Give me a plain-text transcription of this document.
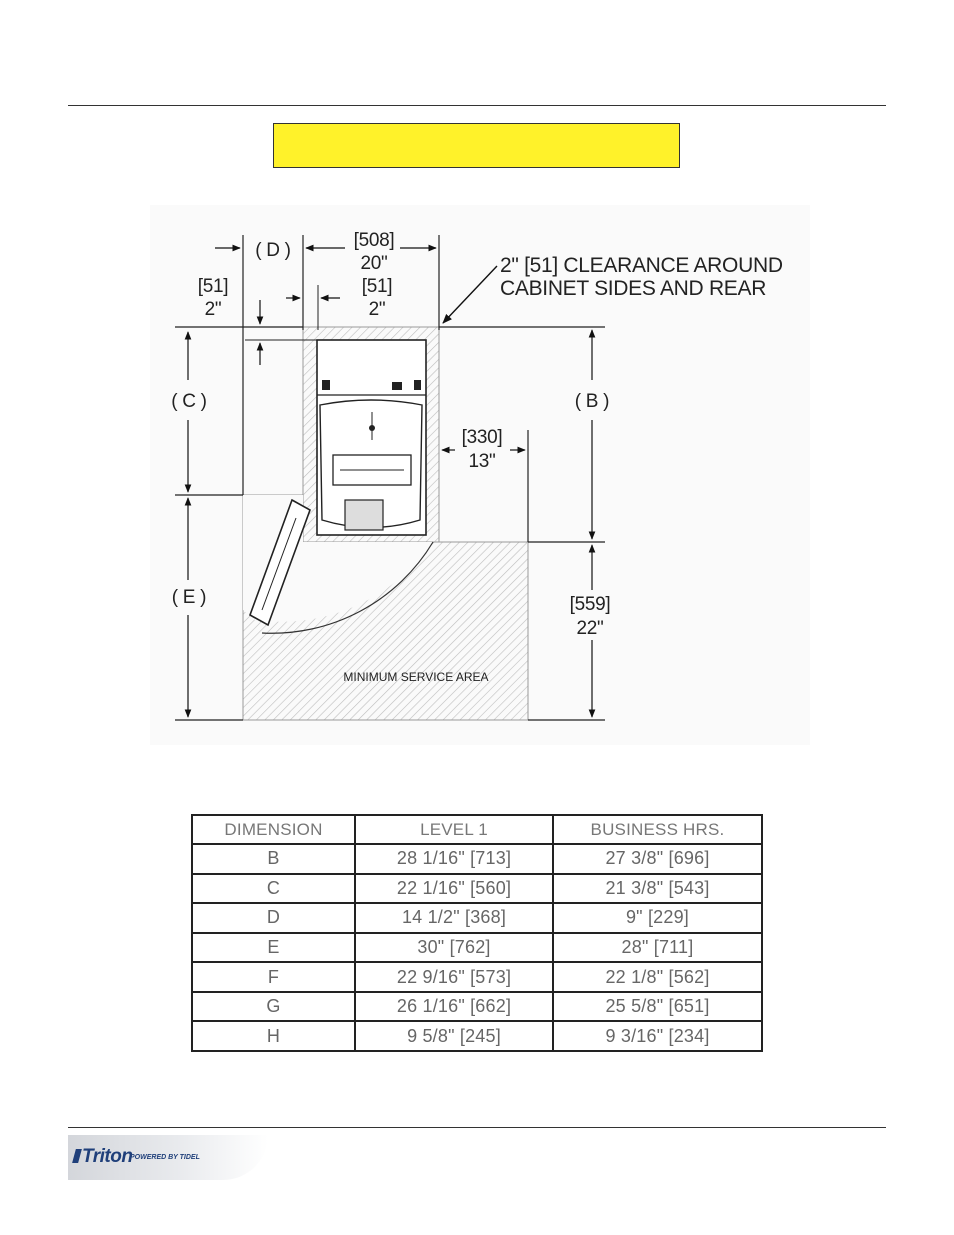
[508]
20"
( D )
[51]
2"
[51]
2"
( C )
( E )
( B )
[559]
22"
[330]
13"
2" [51] CLEARANCE AROUND
CABINET SIDES AND REAR
MINIMUM SERVICE AREA
DIMENSION	LEVEL 1	BUSINESS HRS.
B	28 1/16" [713]	27 3/8" [696]
C	22 1/16" [560]	21 3/8" [543]
D	14 1/2" [368]	9" [229]
E	30" [762]	28" [711]
F	22 9/16" [573]	22 1/8" [562]
G	26 1/16" [662]	25 5/8" [651]
H	9 5/8" [245]	9 3/16" [234]
Triton
POWERED BY TIDEL
